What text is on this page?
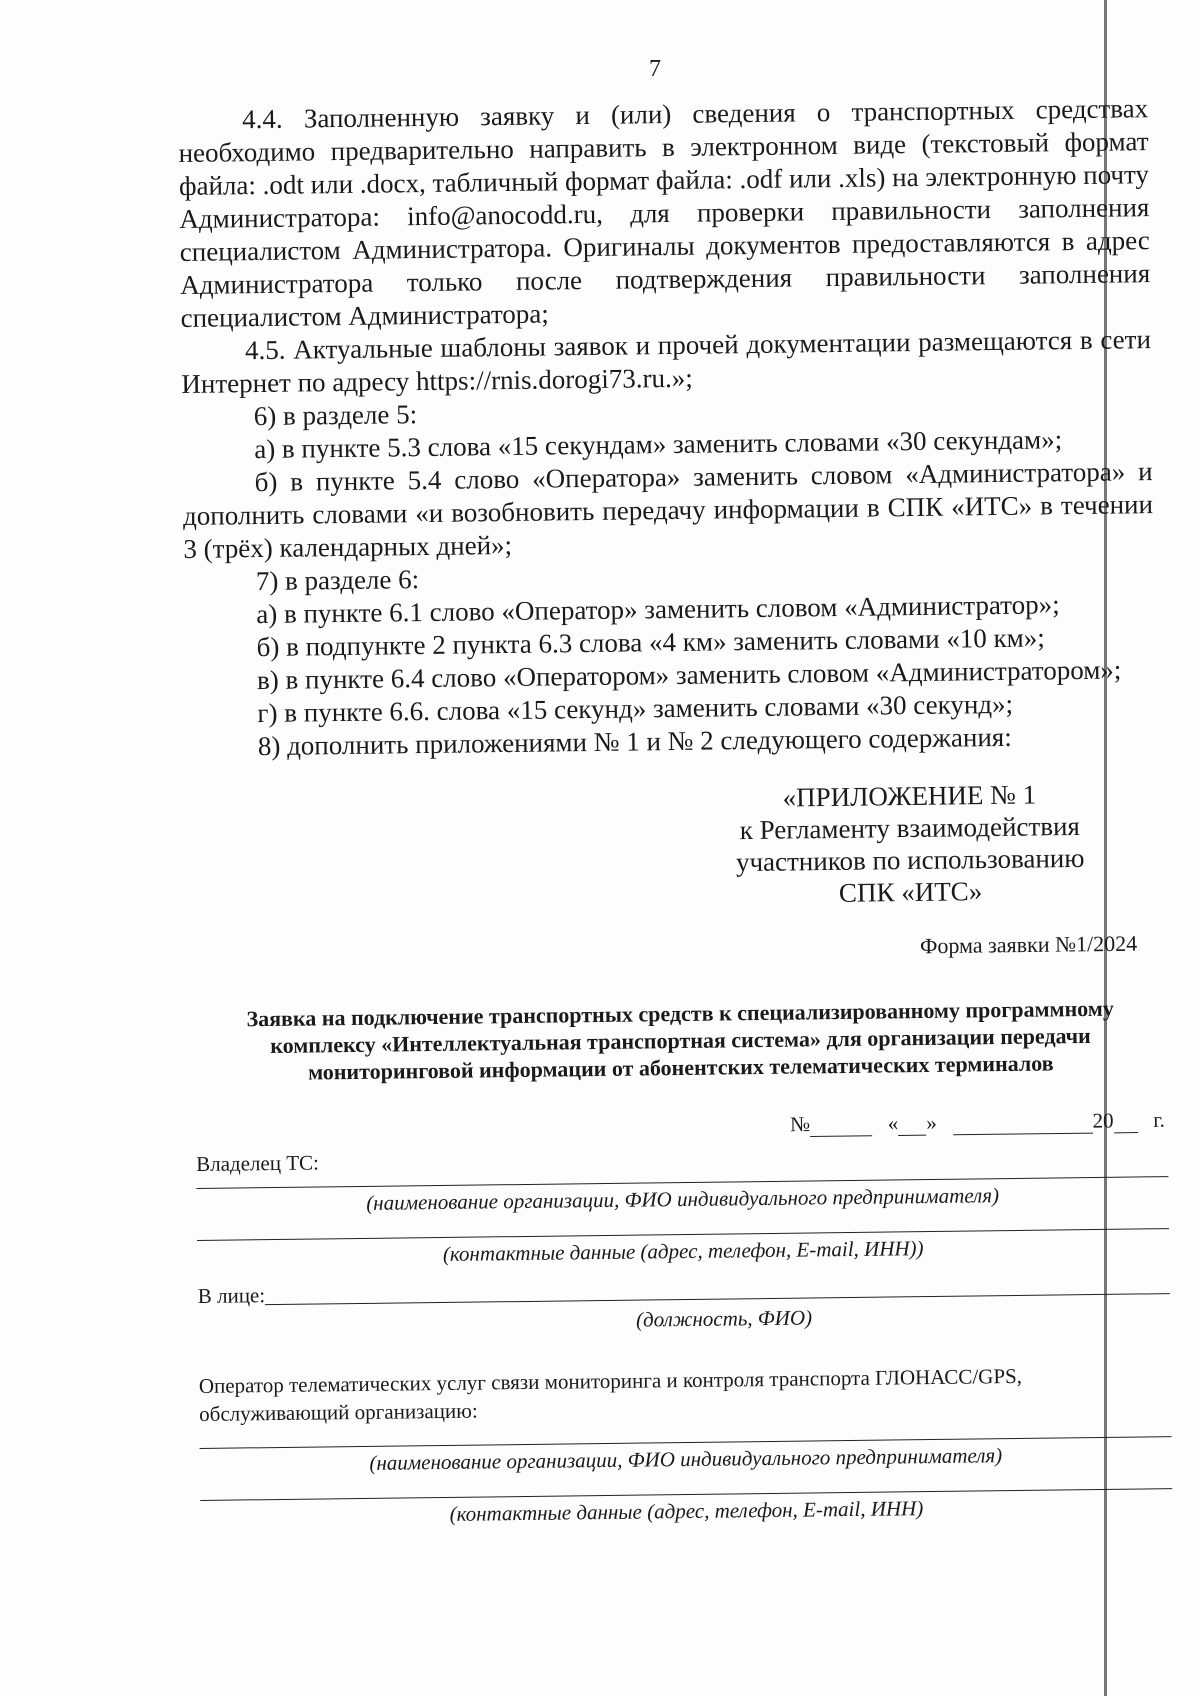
7

4.4. Заполненную заявку и (или) сведения о транспортных средствах необходимо предварительно направить в электронном виде (текстовый формат файла: .odt или .docx, табличный формат файла: .odf или .xls) на электронную почту Администратора: info@anocodd.ru, для проверки правильности заполнения специалистом Администратора. Оригиналы документов предоставляются в адрес Администратора только после подтверждения правильности заполнения специалистом Администратора;

4.5. Актуальные шаблоны заявок и прочей документации размещаются в сети Интернет по адресу https://rnis.dorogi73.ru.»;

6) в разделе 5:

а) в пункте 5.3 слова «15 секундам» заменить словами «30 секундам»;

б) в пункте 5.4 слово «Оператора» заменить словом «Администратора» и дополнить словами «и возобновить передачу информации в СПК «ИТС» в течении 3 (трёх) календарных дней»;

7) в разделе 6:

а) в пункте 6.1 слово «Оператор» заменить словом «Администратор»;

б) в подпункте 2 пункта 6.3 слова «4 км» заменить словами «10 км»;

в) в пункте 6.4 слово «Оператором» заменить словом «Администратором»;

г) в пункте 6.6. слова «15 секунд» заменить словами «30 секунд»;

8) дополнить приложениями № 1 и № 2 следующего содержания:

«ПРИЛОЖЕНИЕ № 1
к Регламенту взаимодействия
участников по использованию
СПК «ИТС»
Форма заявки №1/2024
Заявка на подключение транспортных средств к специализированному программному
комплексу «Интеллектуальная транспортная система» для организации передачи
мониторинговой информации от абонентских телематических терминалов
№	« »	20 г.
Владелец ТС:
(наименование организации, ФИО индивидуального предпринимателя)
(контактные данные (адрес, телефон, E-mail, ИНН))
В лице:
(должность, ФИО)
Оператор телематических услуг связи мониторинга и контроля транспорта ГЛОНАСС/GPS,
обслуживающий организацию:
(наименование организации, ФИО индивидуального предпринимателя)
(контактные данные (адрес, телефон, E-mail, ИНН)
